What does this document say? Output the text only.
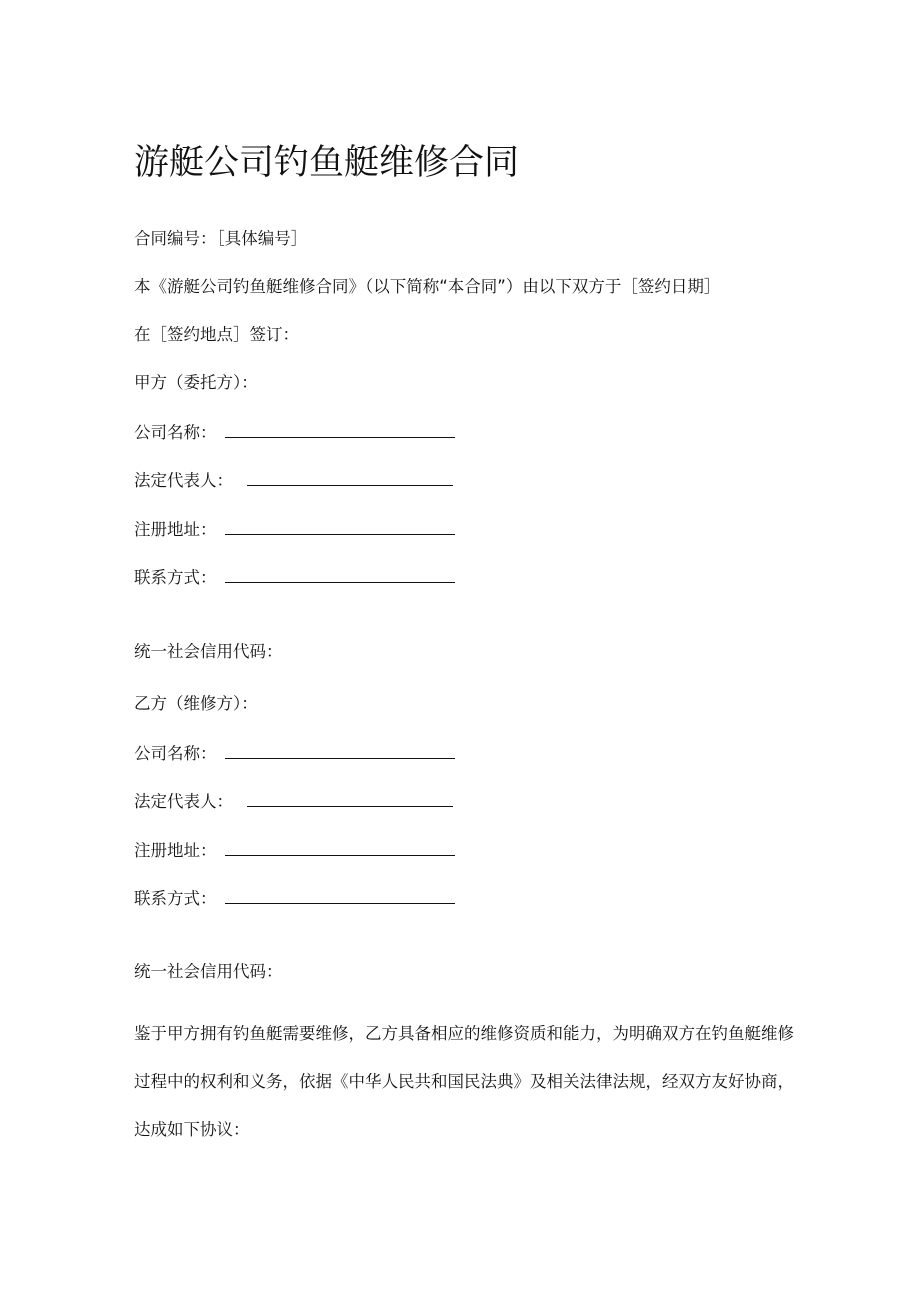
游艇公司钓鱼艇维修合同
合同编号：［具体编号］
本《游艇公司钓鱼艇维修合同》（以下简称“本合同”）由以下双方于［签约日期］
在［签约地点］签订：
甲方（委托方）：
公司名称：
法定代表人：
注册地址：
联系方式：
统一社会信用代码：
乙方（维修方）：
公司名称：
法定代表人：
注册地址：
联系方式：
统一社会信用代码：

鉴于甲方拥有钓鱼艇需要维修，乙方具备相应的维修资质和能力，为明确双方在钓鱼艇维修过程中的权利和义务，依据《中华人民共和国民法典》及相关法律法规，经双方友好协商，达成如下协议：
